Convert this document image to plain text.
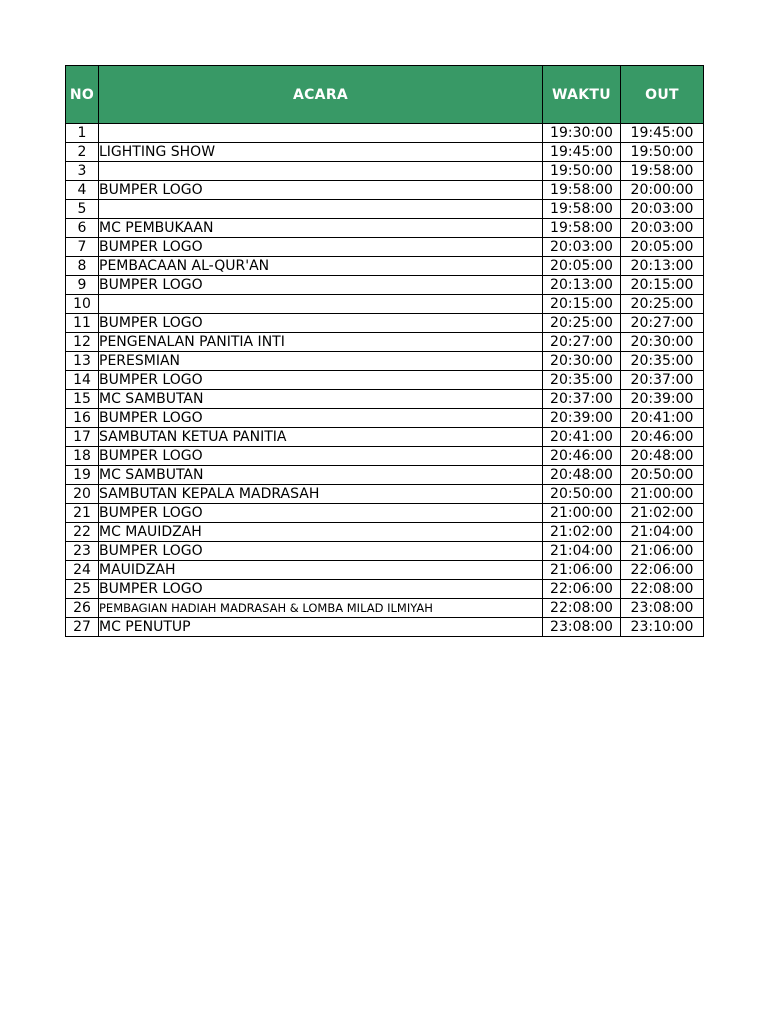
NO	ACARA	WAKTU	OUT
1		19:30:00	19:45:00
2	LIGHTING SHOW	19:45:00	19:50:00
3		19:50:00	19:58:00
4	BUMPER LOGO	19:58:00	20:00:00
5		19:58:00	20:03:00
6	MC PEMBUKAAN	19:58:00	20:03:00
7	BUMPER LOGO	20:03:00	20:05:00
8	PEMBACAAN AL-QUR'AN	20:05:00	20:13:00
9	BUMPER LOGO	20:13:00	20:15:00
10		20:15:00	20:25:00
11	BUMPER LOGO	20:25:00	20:27:00
12	PENGENALAN PANITIA INTI	20:27:00	20:30:00
13	PERESMIAN	20:30:00	20:35:00
14	BUMPER LOGO	20:35:00	20:37:00
15	MC SAMBUTAN	20:37:00	20:39:00
16	BUMPER LOGO	20:39:00	20:41:00
17	SAMBUTAN KETUA PANITIA	20:41:00	20:46:00
18	BUMPER LOGO	20:46:00	20:48:00
19	MC SAMBUTAN	20:48:00	20:50:00
20	SAMBUTAN KEPALA MADRASAH	20:50:00	21:00:00
21	BUMPER LOGO	21:00:00	21:02:00
22	MC MAUIDZAH	21:02:00	21:04:00
23	BUMPER LOGO	21:04:00	21:06:00
24	MAUIDZAH	21:06:00	22:06:00
25	BUMPER LOGO	22:06:00	22:08:00
26	PEMBAGIAN HADIAH MADRASAH & LOMBA MILAD ILMIYAH	22:08:00	23:08:00
27	MC PENUTUP	23:08:00	23:10:00
